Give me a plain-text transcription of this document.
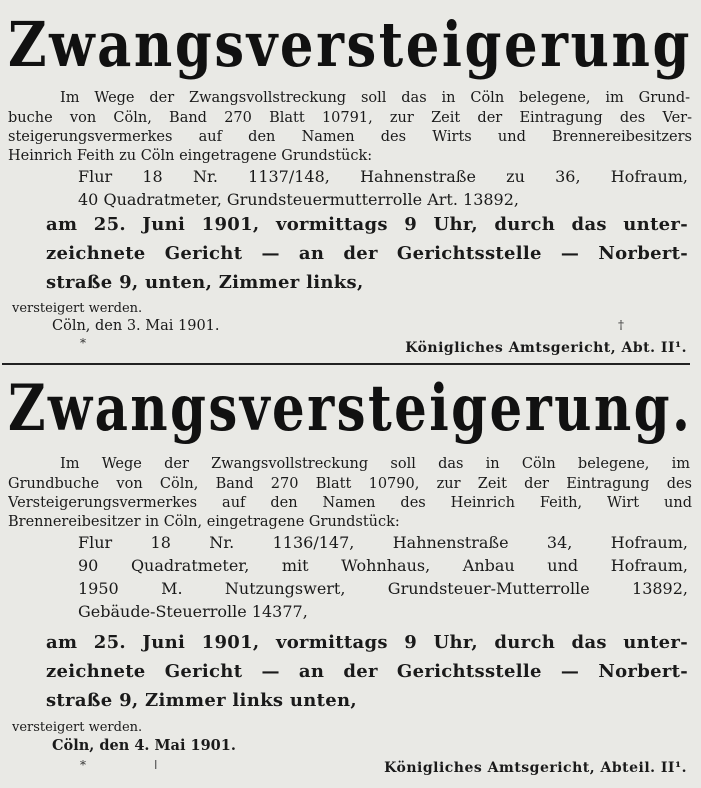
Zwangsversteigerung
Im Wege der Zwangsvollstreckung soll das in Cöln belegene, im Grund-
buche von Cöln, Band 270 Blatt 10791, zur Zeit der Eintragung des Ver-
steigerungsvermerkes auf den Namen des Wirts und Brennereibesitzers
Heinrich Feith zu Cöln eingetragene Grundstück:
Flur 18 Nr. 1137/148, Hahnenstraße zu 36, Hofraum,
40 Quadratmeter, Grundsteuermutterrolle Art. 13892,
am 25. Juni 1901, vormittags 9 Uhr, durch das unter-
zeichnete Gericht — an der Gerichtsstelle — Norbert-
straße 9, unten, Zimmer links,
versteigert werden.
Cöln, den 3. Mai 1901.
*
†
Königliches Amtsgericht, Abt. II¹.
Zwangsversteigerung.
Im Wege der Zwangsvollstreckung soll das in Cöln belegene, im
Grundbuche von Cöln, Band 270 Blatt 10790, zur Zeit der Eintragung des
Versteigerungsvermerkes auf den Namen des Heinrich Feith, Wirt und
Brennereibesitzer in Cöln, eingetragene Grundstück:
Flur 18 Nr. 1136/147, Hahnenstraße 34, Hofraum,
90 Quadratmeter, mit Wohnhaus, Anbau und Hofraum,
1950 M. Nutzungswert, Grundsteuer-Mutterrolle 13892,
Gebäude-Steuerrolle 14377,
am 25. Juni 1901, vormittags 9 Uhr, durch das unter-
zeichnete Gericht — an der Gerichtsstelle — Norbert-
straße 9, Zimmer links unten,
versteigert werden.
Cöln, den 4. Mai 1901.
*	ǀ	Königliches Amtsgericht, Abteil. II¹.
